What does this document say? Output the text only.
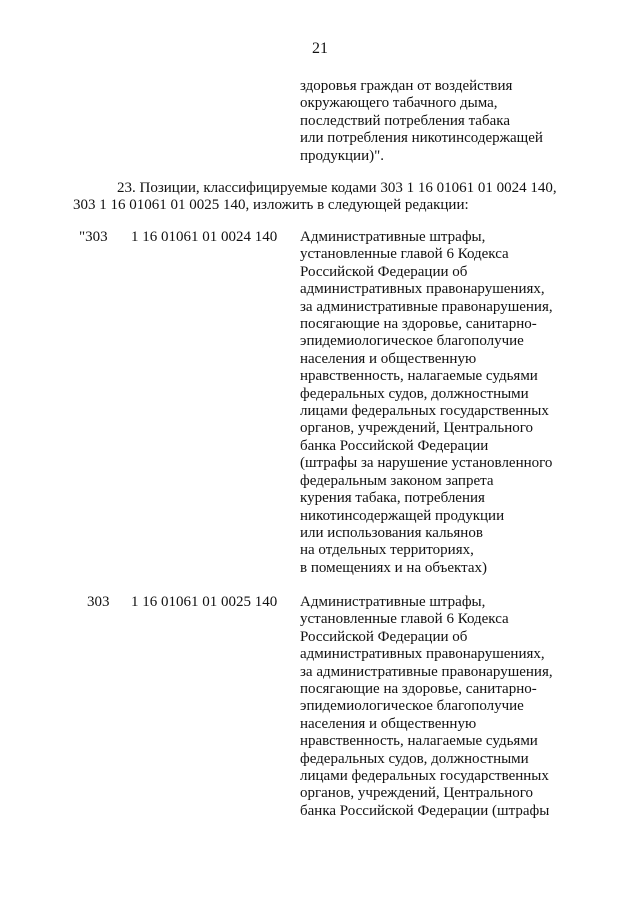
21
здоровья граждан от воздействия
окружающего табачного дыма,
последствий потребления табака
или потребления никотинсодержащей
продукции)".
23. Позиции, классифицируемые кодами 303 1 16 01061 01 0024 140,
303 1 16 01061 01 0025 140, изложить в следующей редакции:
"303 1 16 01061 01 0024 140 Административные штрафы,
установленные главой 6 Кодекса
Российской Федерации об
административных правонарушениях,
за административные правонарушения,
посягающие на здоровье, санитарно-
эпидемиологическое благополучие
населения и общественную
нравственность, налагаемые судьями
федеральных судов, должностными
лицами федеральных государственных
органов, учреждений, Центрального
банка Российской Федерации
(штрафы за нарушение установленного
федеральным законом запрета
курения табака, потребления
никотинсодержащей продукции
или использования кальянов
на отдельных территориях,
в помещениях и на объектах)
303 1 16 01061 01 0025 140 Административные штрафы,
установленные главой 6 Кодекса
Российской Федерации об
административных правонарушениях,
за административные правонарушения,
посягающие на здоровье, санитарно-
эпидемиологическое благополучие
населения и общественную
нравственность, налагаемые судьями
федеральных судов, должностными
лицами федеральных государственных
органов, учреждений, Центрального
банка Российской Федерации (штрафы
